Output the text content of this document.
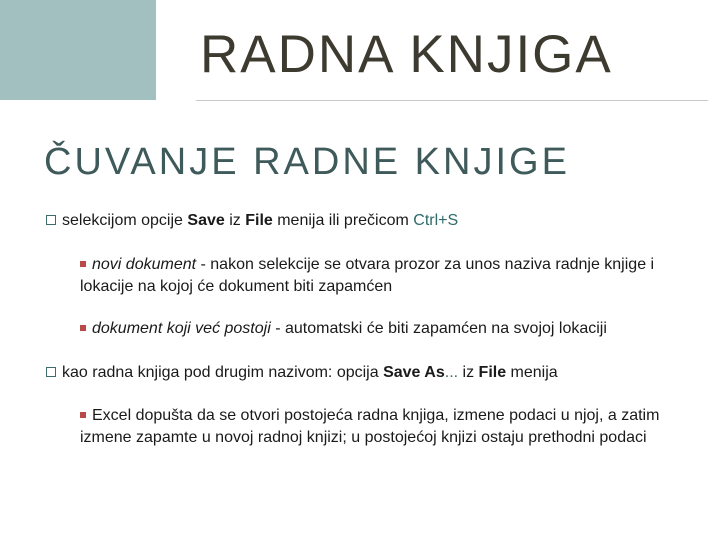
RADNA KNJIGA
ČUVANJE RADNE KNJIGE
selekcijom opcije Save iz File menija ili prečicom Ctrl+S
novi dokument - nakon selekcije se otvara prozor za unos naziva radnje knjige i lokacije na kojoj će dokument biti zapamćen
dokument koji već postoji - automatski će biti zapamćen na svojoj lokaciji
kao radna knjiga pod drugim nazivom: opcija Save As... iz File menija
Excel dopušta da se otvori postojeća radna knjiga, izmene podaci u njoj, a zatim izmene zapamte u novoj radnoj knjizi; u postojećoj knjizi ostaju prethodni podaci
